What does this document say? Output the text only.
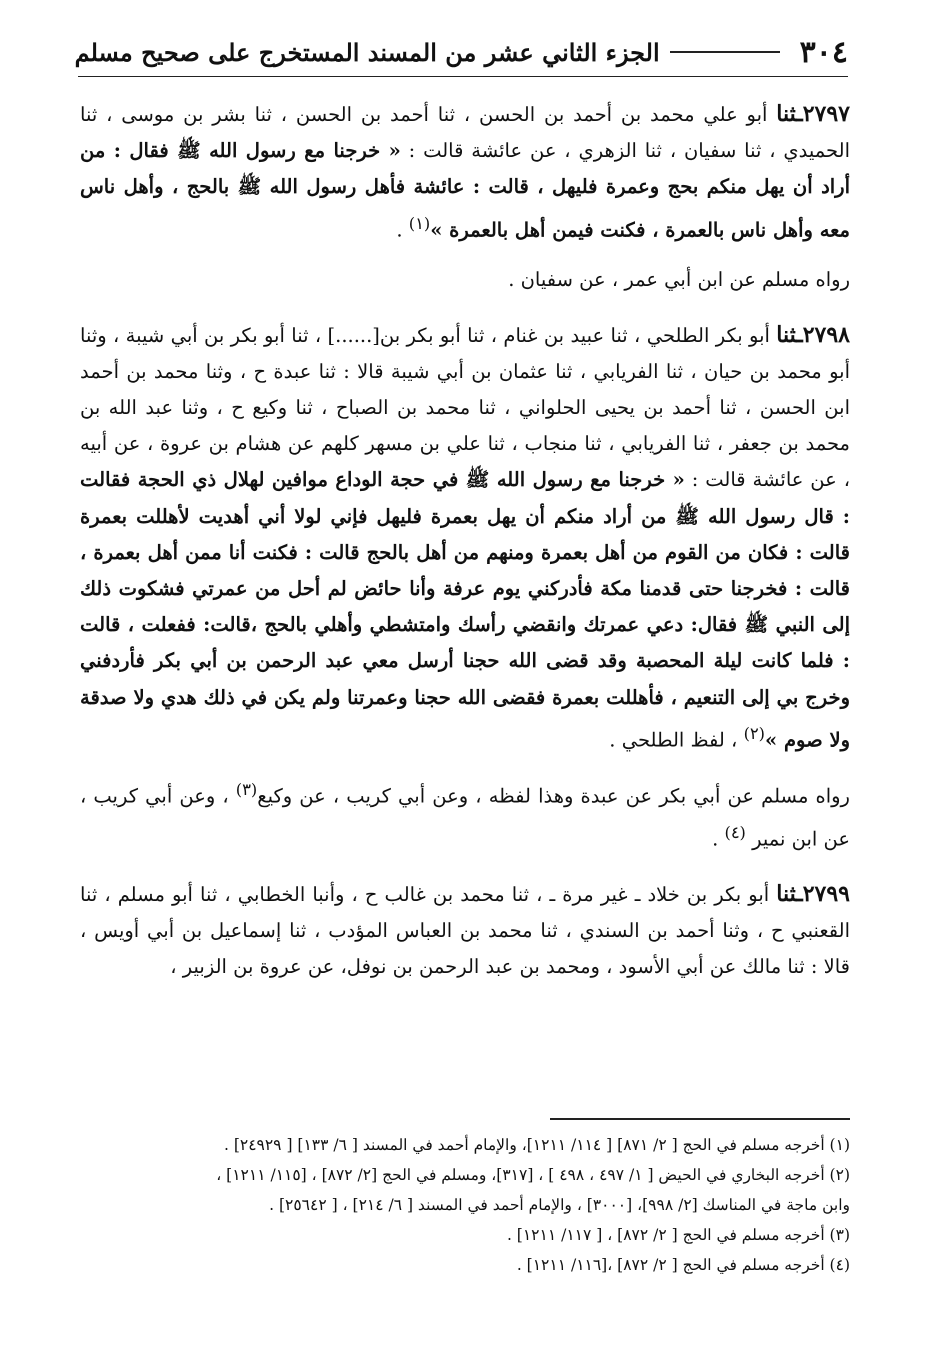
٣٠٤
الجزء الثاني عشر من المسند المستخرج على صحيح مسلم

٢٧٩٧ـثنا أبو علي محمد بن أحمد بن الحسن ، ثنا أحمد بن الحسن ، ثنا بشر بن موسى ، ثنا الحميدي ، ثنا سفيان ، ثنا الزهري ، عن عائشة قالت : « خرجنا مع رسول الله ﷺ فقال : من أراد أن يهل منكم بحج وعمرة فليهل ، قالت : عائشة فأهل رسول الله ﷺ بالحج ، وأهل ناس معه وأهل ناس بالعمرة ، فكنت فيمن أهل بالعمرة »$^{(١)}$ .

رواه مسلم عن ابن أبي عمر ، عن سفيان .

٢٧٩٨ـثنا أبو بكر الطلحي ، ثنا عبيد بن غنام ، ثنا أبو بكر بن[......] ، ثنا أبو بكر بن أبي شيبة ، وثنا أبو محمد بن حيان ، ثنا الفريابي ، ثنا عثمان بن أبي شيبة قالا : ثنا عبدة ح ، وثنا محمد بن أحمد ابن الحسن ، ثنا أحمد بن يحيى الحلواني ، ثنا محمد بن الصباح ، ثنا وكيع ح ، وثنا عبد الله بن محمد بن جعفر ، ثنا الفريابي ، ثنا منجاب ، ثنا علي بن مسهر كلهم عن هشام بن عروة ، عن أبيه ، عن عائشة قالت : « خرجنا مع رسول الله ﷺ في حجة الوداع موافين لهلال ذي الحجة فقالت : قال رسول الله ﷺ من أراد منكم أن يهل بعمرة فليهل فإني لولا أني أهديت لأهللت بعمرة قالت : فكان من القوم من أهل بعمرة ومنهم من أهل بالحج قالت : فكنت أنا ممن أهل بعمرة ، قالت : فخرجنا حتى قدمنا مكة فأدركني يوم عرفة وأنا حائض لم أحل من عمرتي فشكوت ذلك إلى النبي ﷺ فقال: دعي عمرتك وانقضي رأسك وامتشطي وأهلي بالحج ،قالت: ففعلت ، قالت : فلما كانت ليلة المحصبة وقد قضى الله حجنا أرسل معي عبد الرحمن بن أبي بكر فأردفني وخرج بي إلى التنعيم ، فأهللت بعمرة فقضى الله حجنا وعمرتنا ولم يكن في ذلك هدي ولا صدقة ولا صوم »$^{(٢)}$ ، لفظ الطلحي .

رواه مسلم عن أبي بكر عن عبدة وهذا لفظه ، وعن أبي كريب ، عن وكيع$^{(٣)}$ ، وعن أبي كريب ، عن ابن نمير $^{(٤)}$ .

٢٧٩٩ـثنا أبو بكر بن خلاد ـ غير مرة ـ ، ثنا محمد بن غالب ح ، وأنبا الخطابي ، ثنا أبو مسلم ، ثنا القعنبي ح ، وثنا أحمد بن السندي ، ثنا محمد بن العباس المؤدب ، ثنا إسماعيل بن أبي أويس ، قالا : ثنا مالك عن أبي الأسود ، ومحمد بن عبد الرحمن بن نوفل، عن عروة بن الزبير ،

(١) أخرجه مسلم في الحج [ ٢/ ٨٧١] [ ١١٤/ ١٢١١]، والإمام أحمد في المسند [ ٦/ ١٣٣] [ ٢٤٩٢٩] .
(٢) أخرجه البخاري في الحيض [ ١/ ٤٩٧ ، ٤٩٨ ] ، [٣١٧]، ومسلم في الحج [٢/ ٨٧٢] ، [١١٥/ ١٢١١] ،
وابن ماجة في المناسك [٢/ ٩٩٨]، [٣٠٠٠] ، والإمام أحمد في المسند [ ٦/ ٢١٤] ، [ ٢٥٦٤٢] .
(٣) أخرجه مسلم في الحج [ ٢/ ٨٧٢] ، [ ١١٧/ ١٢١١] .
(٤) أخرجه مسلم في الحج [ ٢/ ٨٧٢] ،[١١٦/ ١٢١١] .
